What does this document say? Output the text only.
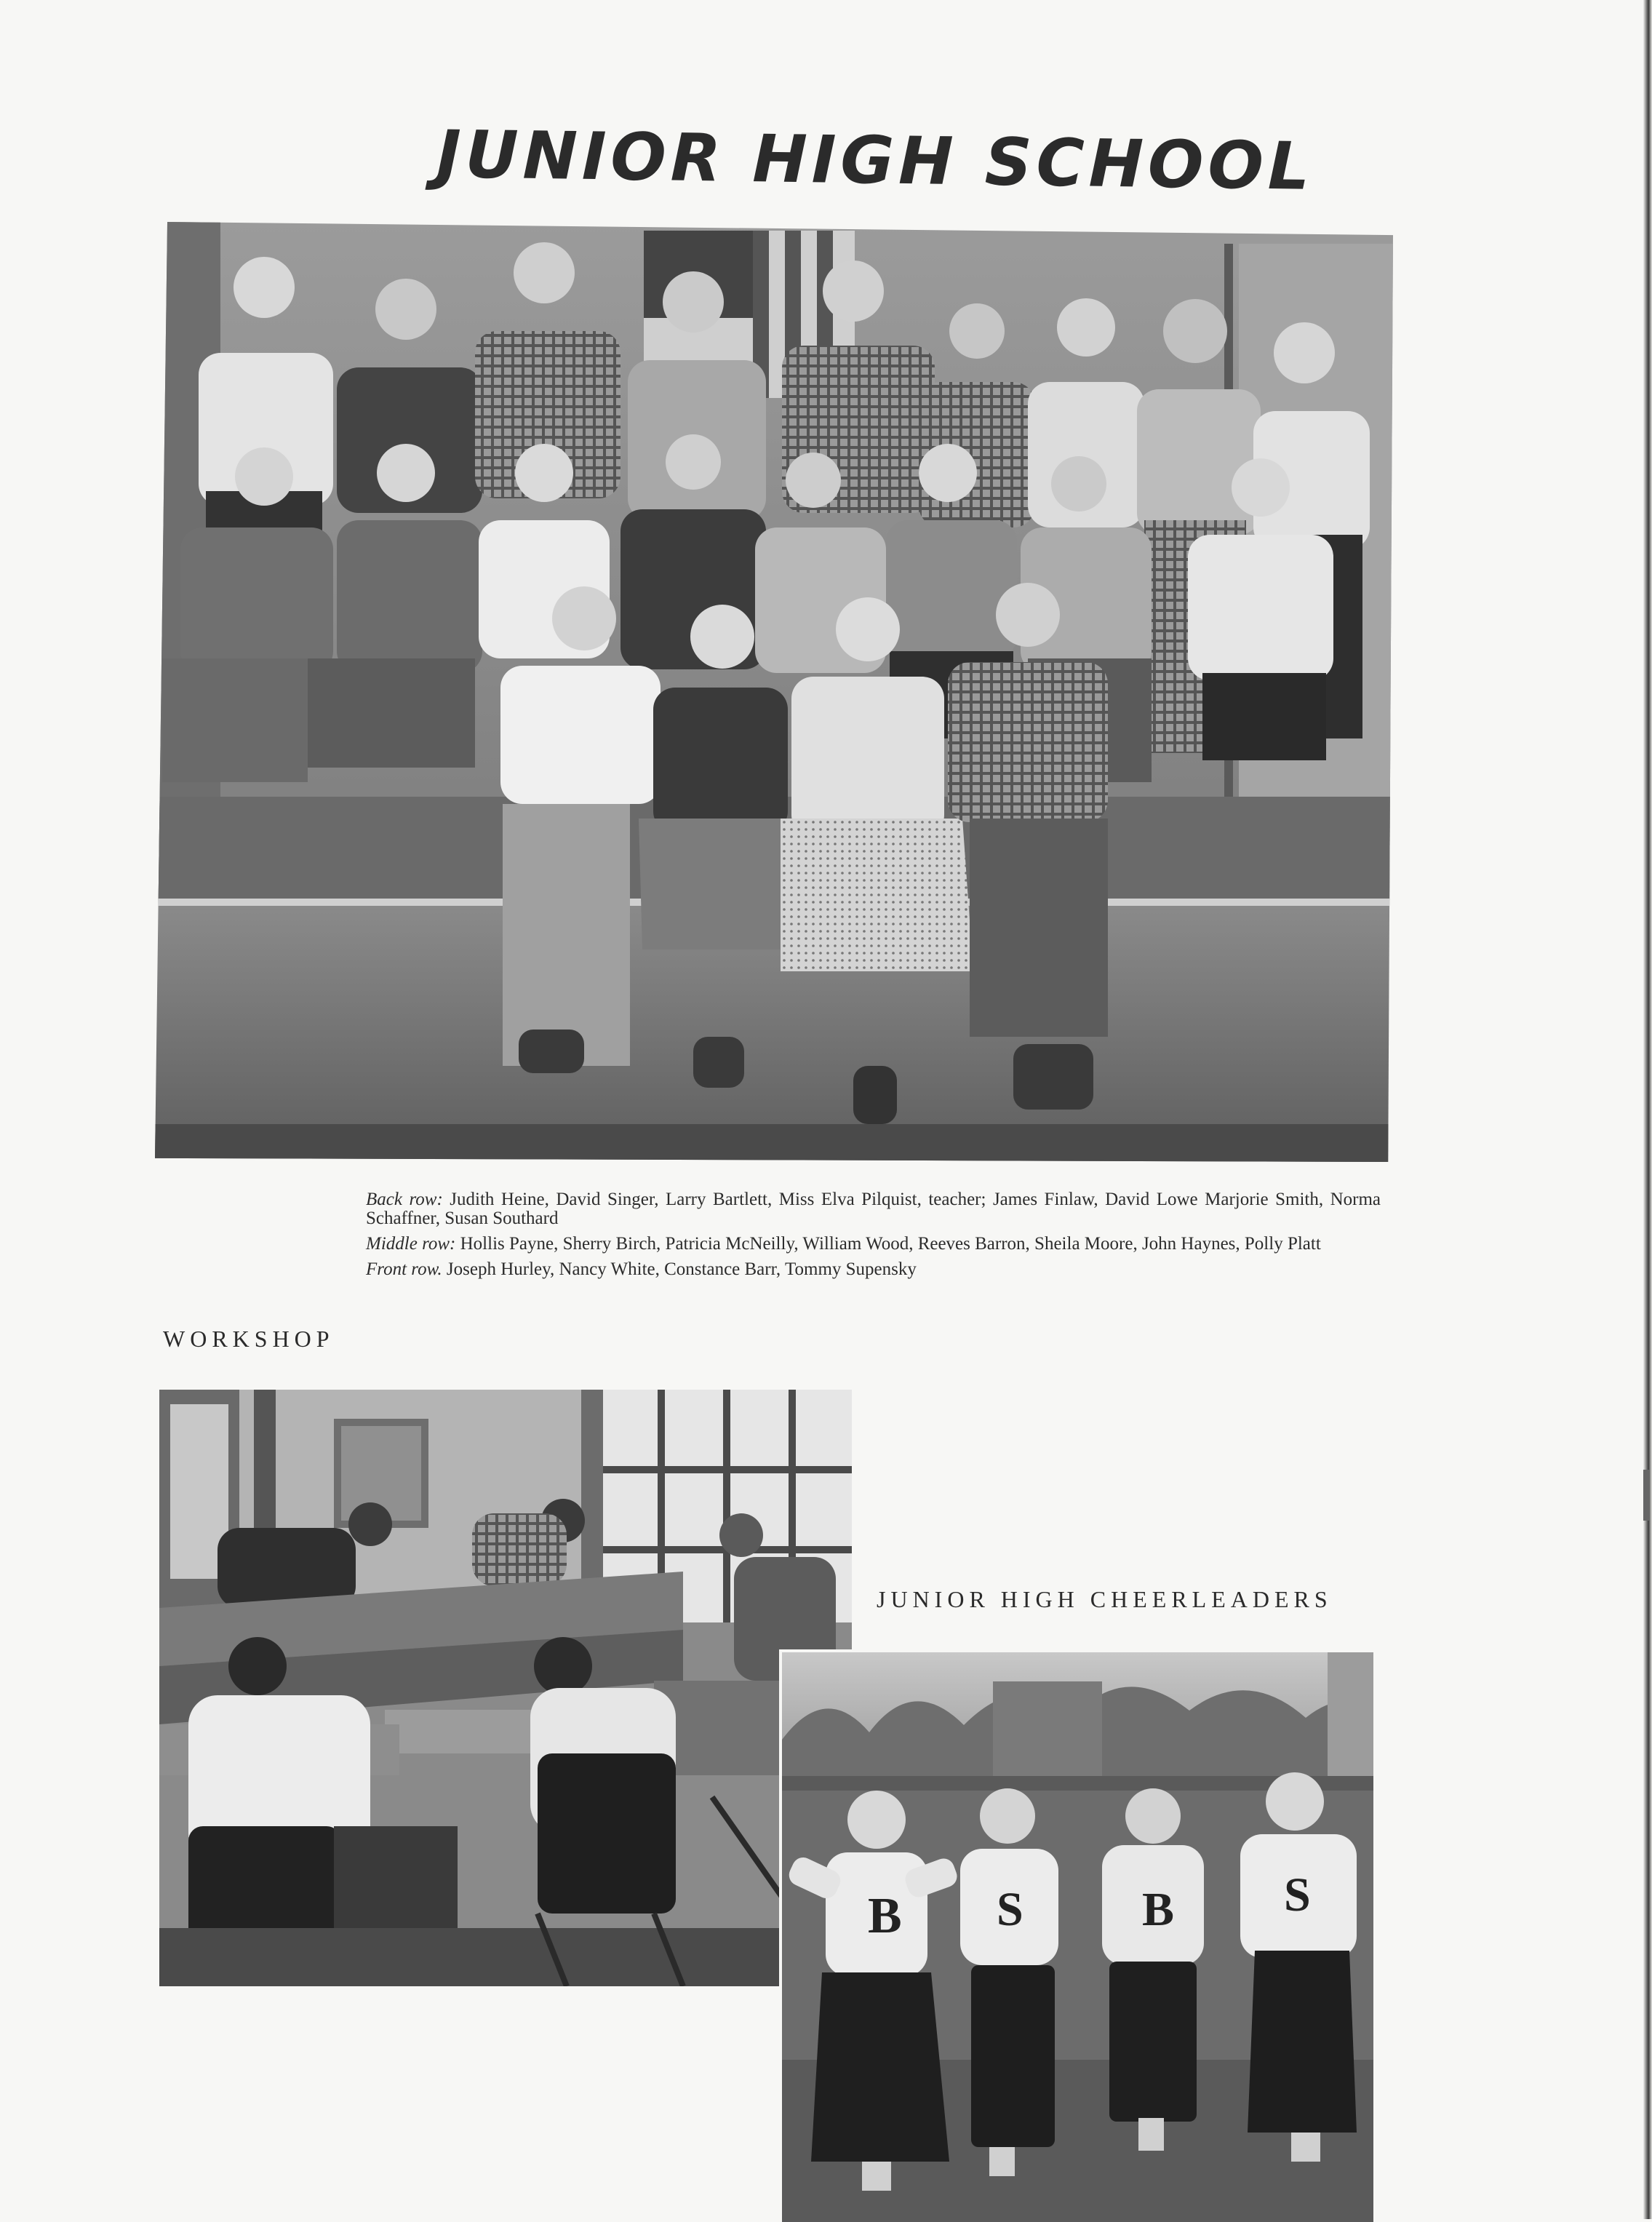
JUNIOR HIGH SCHOOL

Back row: Judith Heine, David Singer, Larry Bartlett, Miss Elva Pilquist, teacher; James Finlaw, David Lowe Marjorie Smith, Norma Schaffner, Susan Southard

Middle row: Hollis Payne, Sherry Birch, Patricia McNeilly, William Wood, Reeves Barron, Sheila Moore, John Haynes, Polly Platt

Front row. Joseph Hurley, Nancy White, Constance Barr, Tommy Supensky

WORKSHOP
JUNIOR HIGH CHEERLEADERS
B S B S
